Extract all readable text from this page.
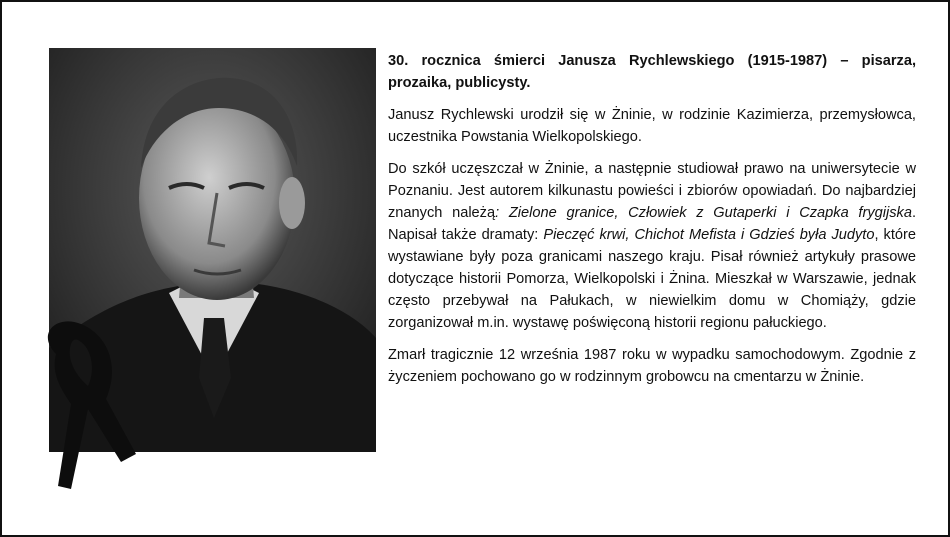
30. rocznica śmierci Janusza Rychlewskiego (1915-1987) – pisarza, prozaika, publicysty.

Janusz Rychlewski urodził się w Żninie, w rodzinie Kazimierza, przemysłowca, uczestnika Powstania Wielkopolskiego.

Do szkół uczęszczał w Żninie, a następnie studiował prawo na uniwersytecie w Poznaniu. Jest autorem kilkunastu powieści i zbiorów opowiadań. Do najbardziej znanych należą: Zielone granice, Człowiek z Gutaperki i Czapka frygijska. Napisał także dramaty: Pieczęć krwi, Chichot Mefista i Gdzieś była Judyto, które wystawiane były poza granicami naszego kraju. Pisał również artykuły prasowe dotyczące historii Pomorza, Wielkopolski i Żnina. Mieszkał w Warszawie, jednak często przebywał na Pałukach, w niewielkim domu w Chomiąży, gdzie zorganizował m.in. wystawę poświęconą historii regionu pałuckiego.

Zmarł tragicznie 12 września 1987 roku w wypadku samochodowym. Zgodnie z życzeniem pochowano go w rodzinnym grobowcu na cmentarzu w Żninie.
